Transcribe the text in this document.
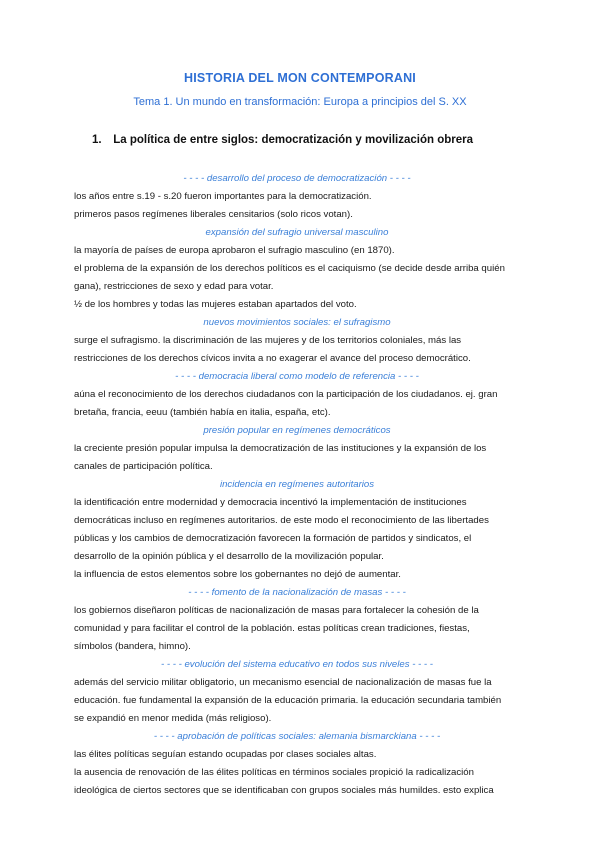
HISTORIA DEL MON CONTEMPORANI
Tema 1. Un mundo en transformación: Europa a principios del S. XX
1. La política de entre siglos: democratización y movilización obrera
- - - - desarrollo del proceso de democratización - - - -
los años entre s.19 - s.20 fueron importantes para la democratización.
primeros pasos regímenes liberales censitarios (solo ricos votan).
expansión del sufragio universal masculino
la mayoría de países de europa aprobaron el sufragio masculino (en 1870).
el problema de la expansión de los derechos políticos es el caciquismo (se decide desde arriba quién
gana), restricciones de sexo y edad para votar.
½ de los hombres y todas las mujeres estaban apartados del voto.
nuevos movimientos sociales: el sufragismo
surge el sufragismo. la discriminación de las mujeres y de los territorios coloniales, más las
restricciones de los derechos cívicos invita a no exagerar el avance del proceso democrático.
- - - - democracia liberal como modelo de referencia - - - -
aúna el reconocimiento de los derechos ciudadanos con la participación de los ciudadanos. ej. gran
bretaña, francia, eeuu (también había en italia, españa, etc).
presión popular en regímenes democráticos
la creciente presión popular impulsa la democratización de las instituciones y la expansión de los
canales de participación política.
incidencia en regímenes autoritarios
la identificación entre modernidad y democracia incentivó la implementación de instituciones
democráticas incluso en regímenes autoritarios. de este modo el reconocimiento de las libertades
públicas y los cambios de democratización favorecen la formación de partidos y sindicatos, el
desarrollo de la opinión pública y el desarrollo de la movilización popular.
la influencia de estos elementos sobre los gobernantes no dejó de aumentar.
- - - - fomento de la nacionalización de masas - - - -
los gobiernos diseñaron políticas de nacionalización de masas para fortalecer la cohesión de la
comunidad y para facilitar el control de la población. estas políticas crean tradiciones, fiestas,
símbolos (bandera, himno).
- - - - evolución del sistema educativo en todos sus niveles - - - -
además del servicio militar obligatorio, un mecanismo esencial de nacionalización de masas fue la
educación. fue fundamental la expansión de la educación primaria. la educación secundaria también
se expandió en menor medida (más religioso).
- - - - aprobación de políticas sociales: alemania bismarckiana - - - -
las élites políticas seguían estando ocupadas por clases sociales altas.
la ausencia de renovación de las élites políticas en términos sociales propició la radicalización
ideológica de ciertos sectores que se identificaban con grupos sociales más humildes. esto explica
